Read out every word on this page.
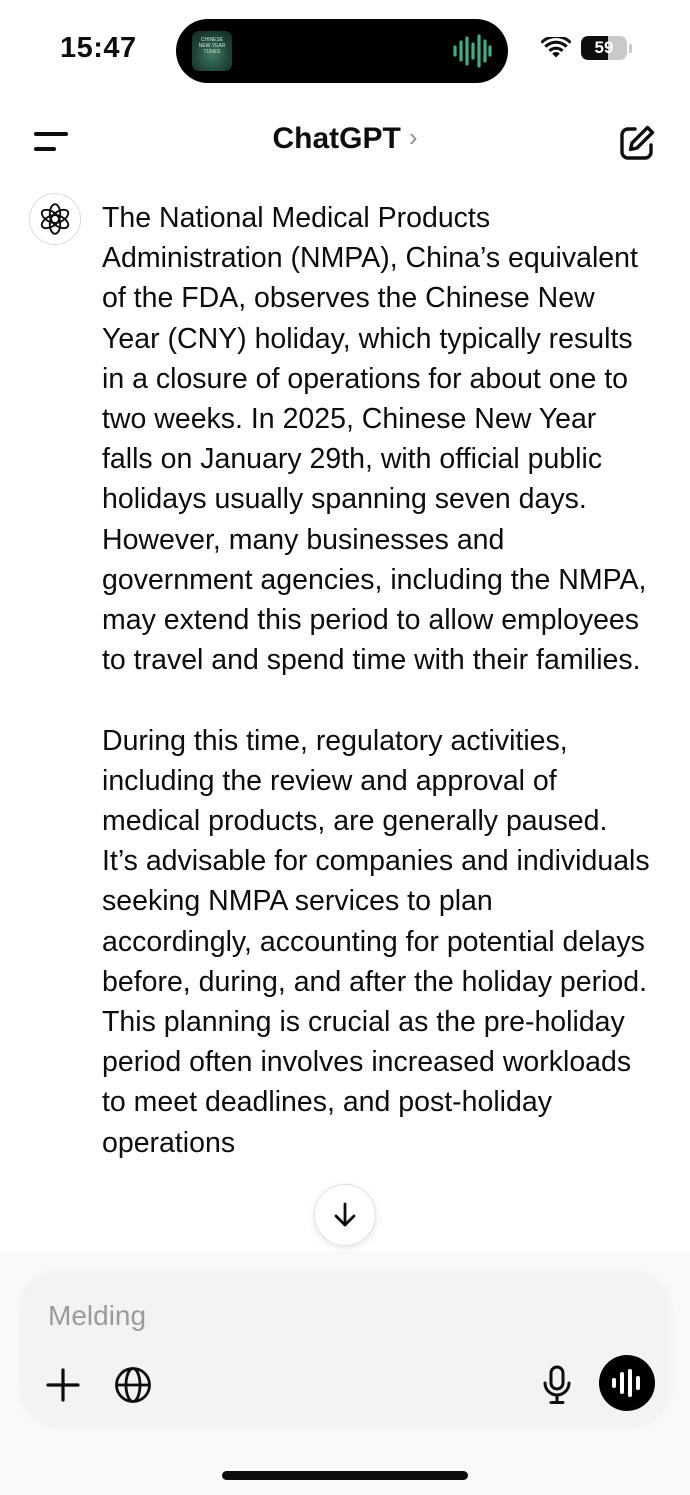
15:47	CHINESE NEW YEAR TUNES	59
ChatGPT ›

The National Medical Products Administration (NMPA), China’s equivalent of the FDA, observes the Chinese New Year (CNY) holiday, which typically results in a closure of operations for about one to two weeks. In 2025, Chinese New Year falls on January 29th, with official public holidays usually spanning seven days. However, many businesses and government agencies, including the NMPA, may extend this period to allow employees to travel and spend time with their families.

During this time, regulatory activities, including the review and approval of medical products, are generally paused. It’s advisable for companies and individuals seeking NMPA services to plan accordingly, accounting for potential delays before, during, and after the holiday period. This planning is crucial as the pre-holiday period often involves increased workloads to meet deadlines, and post-holiday operations

Melding
